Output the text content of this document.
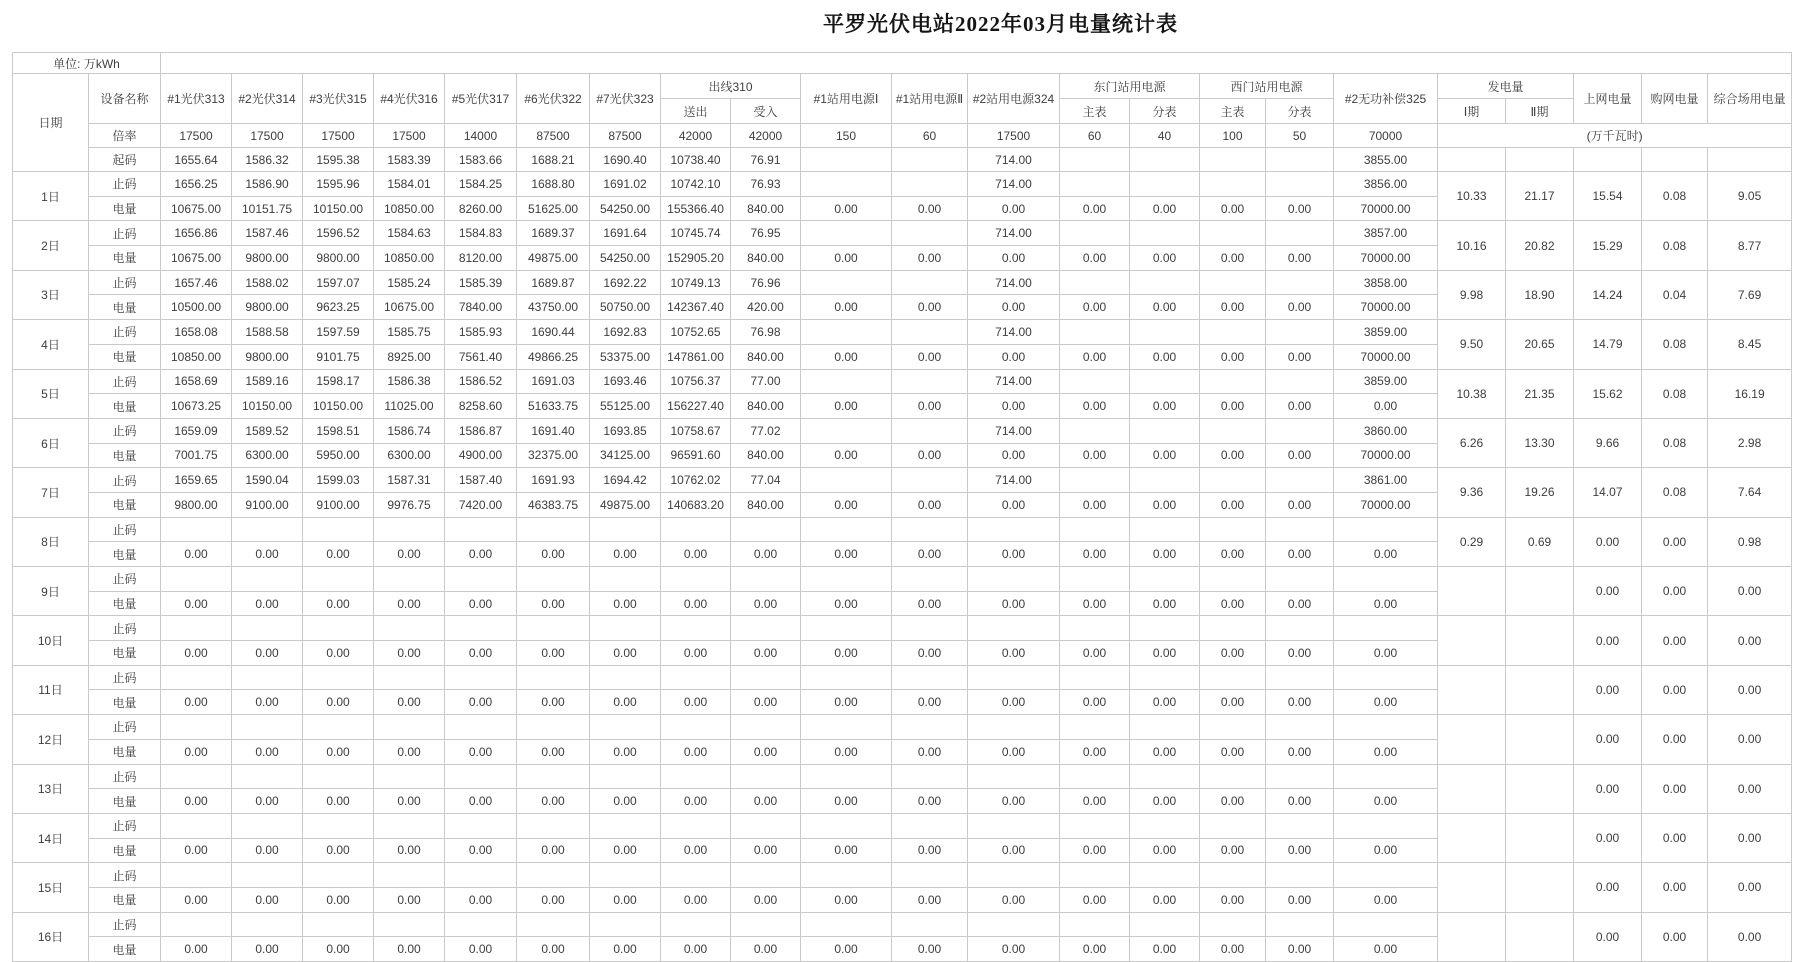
平罗光伏电站2022年03月电量统计表
单位: 万kWh																							
日期	设备名称	#1光伏313	#2光伏314	#3光伏315	#4光伏316	#5光伏317	#6光伏322	#7光伏323	出线310		#1站用电源Ⅰ	#1站用电源Ⅱ	#2站用电源324	东门站用电源		西门站用电源		#2无功补偿325	发电量		上网电量	购网电量	综合场用电量
									送出	受入				主表	分表	主表	分表		Ⅰ期	Ⅱ期			
	倍率	17500	17500	17500	17500	14000	87500	87500	42000	42000	150	60	17500	60	40	100	50	70000	(万千瓦时)				
	起码	1655.64	1586.32	1595.38	1583.39	1583.66	1688.21	1690.40	10738.40	76.91			714.00					3855.00					
1日	止码	1656.25	1586.90	1595.96	1584.01	1584.25	1688.80	1691.02	10742.10	76.93			714.00					3856.00	10.33	21.17	15.54	0.08	9.05
	电量	10675.00	10151.75	10150.00	10850.00	8260.00	51625.00	54250.00	155366.40	840.00	0.00	0.00	0.00	0.00	0.00	0.00	0.00	70000.00					
2日	止码	1656.86	1587.46	1596.52	1584.63	1584.83	1689.37	1691.64	10745.74	76.95			714.00					3857.00	10.16	20.82	15.29	0.08	8.77
	电量	10675.00	9800.00	9800.00	10850.00	8120.00	49875.00	54250.00	152905.20	840.00	0.00	0.00	0.00	0.00	0.00	0.00	0.00	70000.00					
3日	止码	1657.46	1588.02	1597.07	1585.24	1585.39	1689.87	1692.22	10749.13	76.96			714.00					3858.00	9.98	18.90	14.24	0.04	7.69
	电量	10500.00	9800.00	9623.25	10675.00	7840.00	43750.00	50750.00	142367.40	420.00	0.00	0.00	0.00	0.00	0.00	0.00	0.00	70000.00					
4日	止码	1658.08	1588.58	1597.59	1585.75	1585.93	1690.44	1692.83	10752.65	76.98			714.00					3859.00	9.50	20.65	14.79	0.08	8.45
	电量	10850.00	9800.00	9101.75	8925.00	7561.40	49866.25	53375.00	147861.00	840.00	0.00	0.00	0.00	0.00	0.00	0.00	0.00	70000.00					
5日	止码	1658.69	1589.16	1598.17	1586.38	1586.52	1691.03	1693.46	10756.37	77.00			714.00					3859.00	10.38	21.35	15.62	0.08	16.19
	电量	10673.25	10150.00	10150.00	11025.00	8258.60	51633.75	55125.00	156227.40	840.00	0.00	0.00	0.00	0.00	0.00	0.00	0.00	0.00					
6日	止码	1659.09	1589.52	1598.51	1586.74	1586.87	1691.40	1693.85	10758.67	77.02			714.00					3860.00	6.26	13.30	9.66	0.08	2.98
	电量	7001.75	6300.00	5950.00	6300.00	4900.00	32375.00	34125.00	96591.60	840.00	0.00	0.00	0.00	0.00	0.00	0.00	0.00	70000.00					
7日	止码	1659.65	1590.04	1599.03	1587.31	1587.40	1691.93	1694.42	10762.02	77.04			714.00					3861.00	9.36	19.26	14.07	0.08	7.64
	电量	9800.00	9100.00	9100.00	9976.75	7420.00	46383.75	49875.00	140683.20	840.00	0.00	0.00	0.00	0.00	0.00	0.00	0.00	70000.00					
8日	止码																		0.29	0.69	0.00	0.00	0.98
	电量	0.00	0.00	0.00	0.00	0.00	0.00	0.00	0.00	0.00	0.00	0.00	0.00	0.00	0.00	0.00	0.00	0.00					
9日	止码																				0.00	0.00	0.00
	电量	0.00	0.00	0.00	0.00	0.00	0.00	0.00	0.00	0.00	0.00	0.00	0.00	0.00	0.00	0.00	0.00	0.00					
10日	止码																				0.00	0.00	0.00
	电量	0.00	0.00	0.00	0.00	0.00	0.00	0.00	0.00	0.00	0.00	0.00	0.00	0.00	0.00	0.00	0.00	0.00					
11日	止码																				0.00	0.00	0.00
	电量	0.00	0.00	0.00	0.00	0.00	0.00	0.00	0.00	0.00	0.00	0.00	0.00	0.00	0.00	0.00	0.00	0.00					
12日	止码																				0.00	0.00	0.00
	电量	0.00	0.00	0.00	0.00	0.00	0.00	0.00	0.00	0.00	0.00	0.00	0.00	0.00	0.00	0.00	0.00	0.00					
13日	止码																				0.00	0.00	0.00
	电量	0.00	0.00	0.00	0.00	0.00	0.00	0.00	0.00	0.00	0.00	0.00	0.00	0.00	0.00	0.00	0.00	0.00					
14日	止码																				0.00	0.00	0.00
	电量	0.00	0.00	0.00	0.00	0.00	0.00	0.00	0.00	0.00	0.00	0.00	0.00	0.00	0.00	0.00	0.00	0.00					
15日	止码																				0.00	0.00	0.00
	电量	0.00	0.00	0.00	0.00	0.00	0.00	0.00	0.00	0.00	0.00	0.00	0.00	0.00	0.00	0.00	0.00	0.00					
16日	止码																				0.00	0.00	0.00
	电量	0.00	0.00	0.00	0.00	0.00	0.00	0.00	0.00	0.00	0.00	0.00	0.00	0.00	0.00	0.00	0.00	0.00					
